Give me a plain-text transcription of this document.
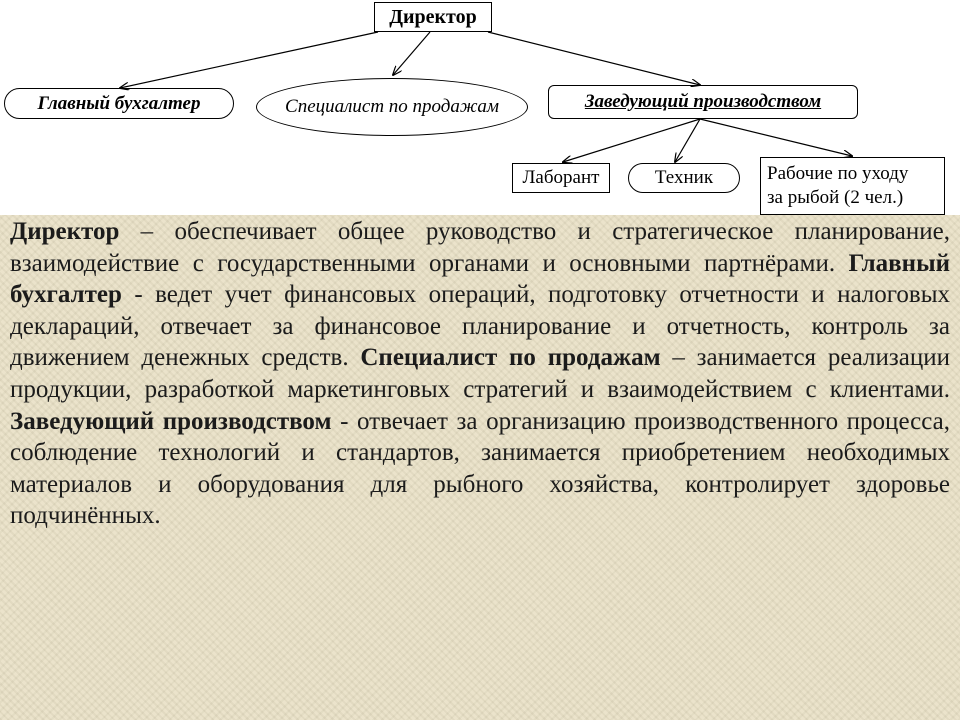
Директор
Главный бухгалтер	Специалист по продажам	Заведующий производством
Лаборант	Техник	Рабочие по уходу
за рыбой (2 чел.)

Директор – обеспечивает общее руководство и стратегическое планирование, взаимодействие с государственными органами и основными партнёрами. Главный бухгалтер - ведет учет финансовых операций, подготовку отчетности и налоговых деклараций, отвечает за финансовое планирование и отчетность, контроль за движением денежных средств. Специалист по продажам – занимается реализации продукции, разработкой маркетинговых стратегий и взаимодействием с клиентами. Заведующий производством - отвечает за организацию производственного процесса, соблюдение технологий и стандартов, занимается приобретением необходимых материалов и оборудования для рыбного хозяйства, контролирует здоровье подчинённых.
